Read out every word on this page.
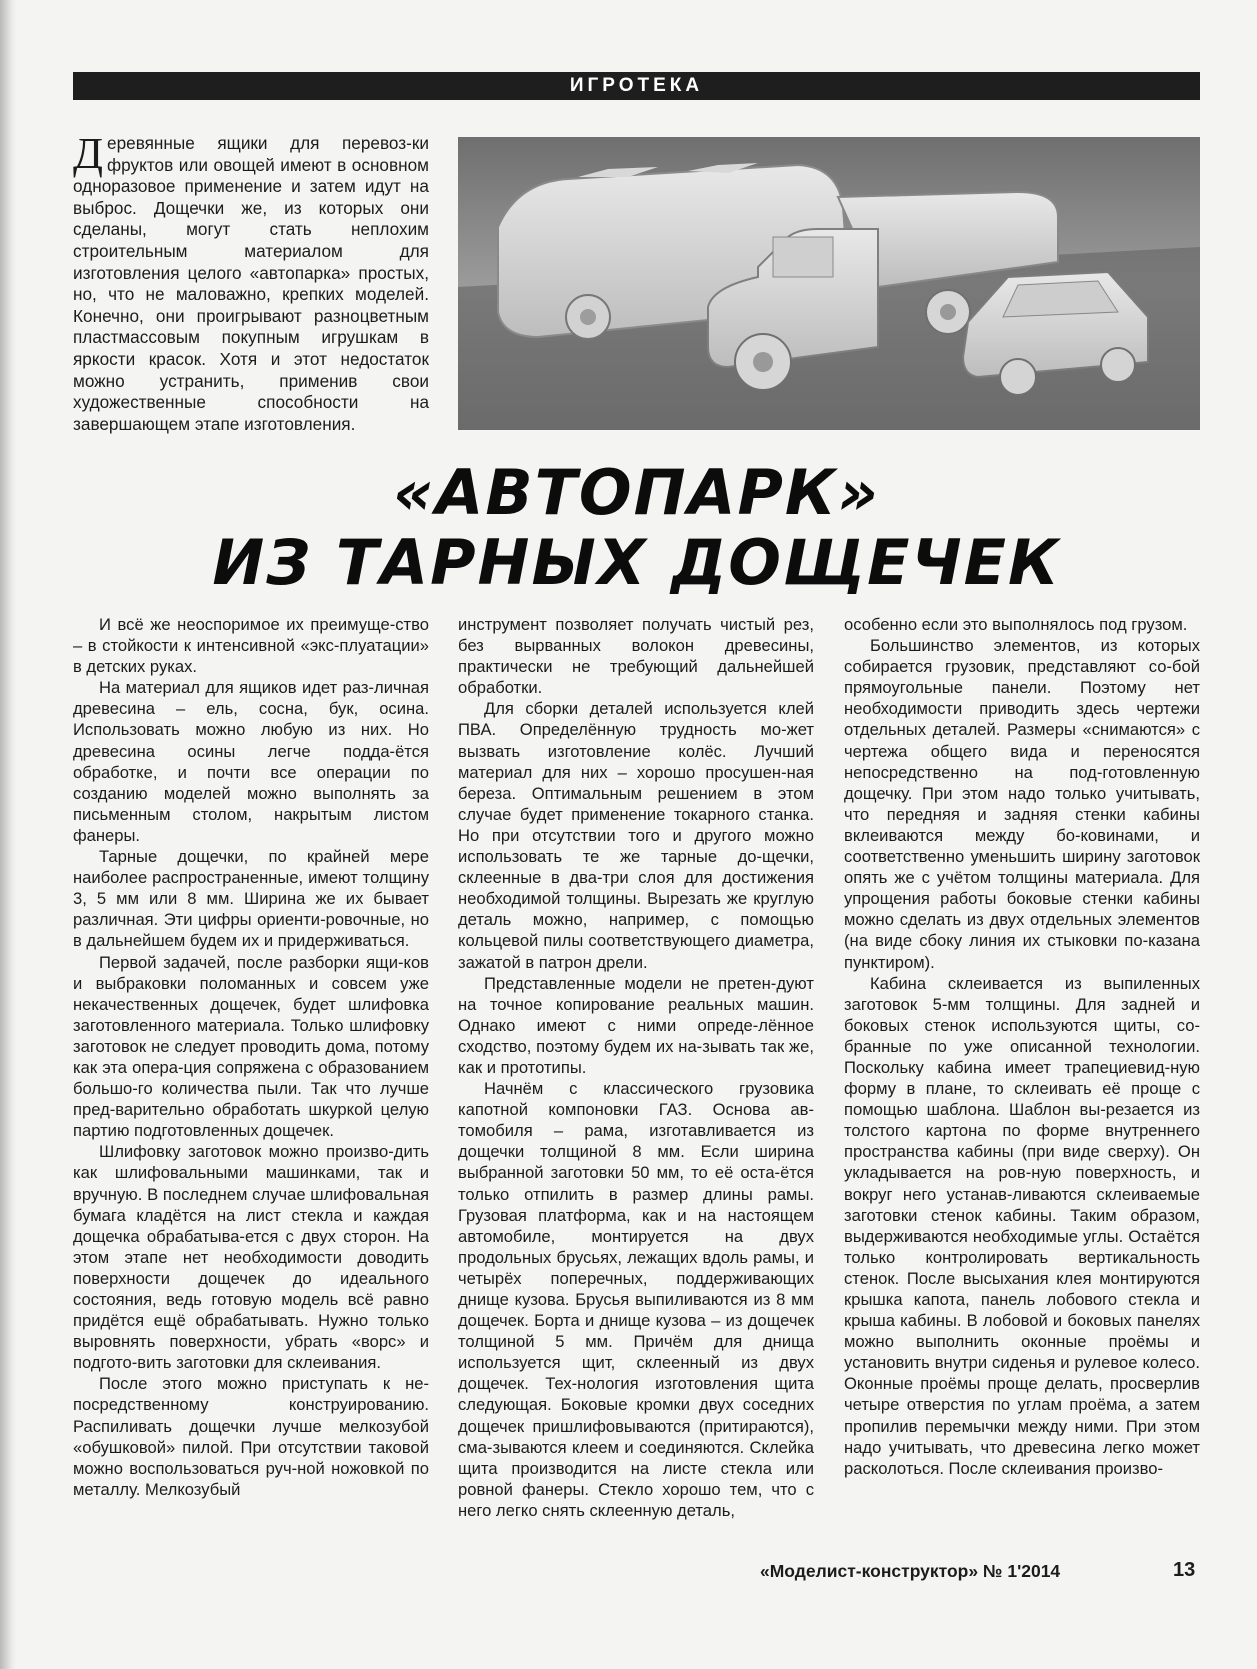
ИГРОТЕКА

Деревянные ящики для перевоз-ки фруктов или овощей имеют в основном одноразовое применение и затем идут на выброс. Дощечки же, из которых они сделаны, могут стать неплохим строительным материалом для изготовления целого «автопарка» простых, но, что не маловажно, крепких моделей. Конечно, они проигрывают разноцветным пластмассовым покупным игрушкам в яркости красок. Хотя и этот недостаток можно устранить, применив свои художественные способности на завершающем этапе изготовления.

«АВТОПАРК»
ИЗ ТАРНЫХ ДОЩЕЧЕК

И всё же неоспоримое их преимуще-ство – в стойкости к интенсивной «экс-плуатации» в детских руках.

На материал для ящиков идет раз-личная древесина – ель, сосна, бук, осина. Использовать можно любую из них. Но древесина осины легче подда-ётся обработке, и почти все операции по созданию моделей можно выполнять за письменным столом, накрытым листом фанеры.

Тарные дощечки, по крайней мере наиболее распространенные, имеют толщину 3, 5 мм или 8 мм. Ширина же их бывает различная. Эти цифры ориенти-ровочные, но в дальнейшем будем их и придерживаться.

Первой задачей, после разборки ящи-ков и выбраковки поломанных и совсем уже некачественных дощечек, будет шлифовка заготовленного материала. Только шлифовку заготовок не следует проводить дома, потому как эта опера-ция сопряжена с образованием большо-го количества пыли. Так что лучше пред-варительно обработать шкуркой целую партию подготовленных дощечек.

Шлифовку заготовок можно произво-дить как шлифовальными машинками, так и вручную. В последнем случае шлифовальная бумага кладётся на лист стекла и каждая дощечка обрабатыва-ется с двух сторон. На этом этапе нет необходимости доводить поверхности дощечек до идеального состояния, ведь готовую модель всё равно придётся ещё обрабатывать. Нужно только выровнять поверхности, убрать «ворс» и подгото-вить заготовки для склеивания.

После этого можно приступать к не-посредственному конструированию. Распиливать дощечки лучше мелкозубой «обушковой» пилой. При отсутствии таковой можно воспользоваться руч-ной ножовкой по металлу. Мелкозубый

инструмент позволяет получать чистый рез, без вырванных волокон древесины, практически не требующий дальнейшей обработки.

Для сборки деталей используется клей ПВА. Определённую трудность мо-жет вызвать изготовление колёс. Лучший материал для них – хорошо просушен-ная береза. Оптимальным решением в этом случае будет применение токарного станка. Но при отсутствии того и другого можно использовать те же тарные до-щечки, склеенные в два-три слоя для достижения необходимой толщины. Вырезать же круглую деталь можно, например, с помощью кольцевой пилы соответствующего диаметра, зажатой в патрон дрели.

Представленные модели не претен-дуют на точное копирование реальных машин. Однако имеют с ними опреде-лённое сходство, поэтому будем их на-зывать так же, как и прототипы.

Начнём с классического грузовика капотной компоновки ГАЗ. Основа ав-томобиля – рама, изготавливается из дощечки толщиной 8 мм. Если ширина выбранной заготовки 50 мм, то её оста-ётся только отпилить в размер длины рамы. Грузовая платформа, как и на настоящем автомобиле, монтируется на двух продольных брусьях, лежащих вдоль рамы, и четырёх поперечных, поддерживающих днище кузова. Брусья выпиливаются из 8 мм дощечек. Борта и днище кузова – из дощечек толщиной 5 мм. Причём для днища используется щит, склеенный из двух дощечек. Тех-нология изготовления щита следующая. Боковые кромки двух соседних дощечек пришлифовываются (притираются), сма-зываются клеем и соединяются. Склейка щита производится на листе стекла или ровной фанеры. Стекло хорошо тем, что с него легко снять склеенную деталь,

особенно если это выполнялось под грузом.

Большинство элементов, из которых собирается грузовик, представляют со-бой прямоугольные панели. Поэтому нет необходимости приводить здесь чертежи отдельных деталей. Размеры «снимаются» с чертежа общего вида и переносятся непосредственно на под-готовленную дощечку. При этом надо только учитывать, что передняя и задняя стенки кабины вклеиваются между бо-ковинами, и соответственно уменьшить ширину заготовок опять же с учётом толщины материала. Для упрощения работы боковые стенки кабины можно сделать из двух отдельных элементов (на виде сбоку линия их стыковки по-казана пунктиром).

Кабина склеивается из выпиленных заготовок 5-мм толщины. Для задней и боковых стенок используются щиты, со-бранные по уже описанной технологии. Поскольку кабина имеет трапециевид-ную форму в плане, то склеивать её проще с помощью шаблона. Шаблон вы-резается из толстого картона по форме внутреннего пространства кабины (при виде сверху). Он укладывается на ров-ную поверхность, и вокруг него устанав-ливаются склеиваемые заготовки стенок кабины. Таким образом, выдерживаются необходимые углы. Остаётся только контролировать вертикальность стенок. После высыхания клея монтируются крышка капота, панель лобового стекла и крыша кабины. В лобовой и боковых панелях можно выполнить оконные проёмы и установить внутри сиденья и рулевое колесо. Оконные проёмы проще делать, просверлив четыре отверстия по углам проёма, а затем пропилив перемычки между ними. При этом надо учитывать, что древесина легко может расколоться. После склеивания произво-

«Моделист-конструктор» № 1'2014	13
